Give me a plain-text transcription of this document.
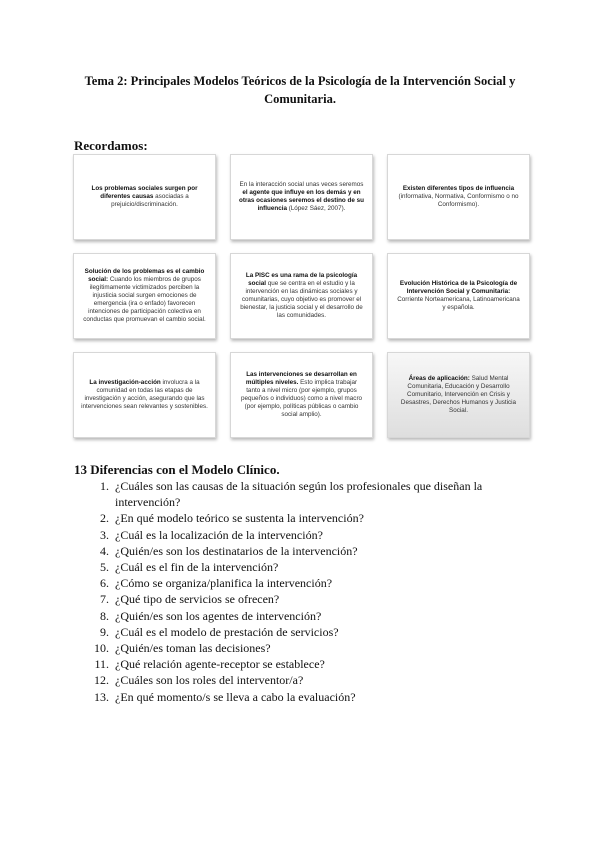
Tema 2: Principales Modelos Teóricos de la Psicología de la Intervención Social y Comunitaria.
Recordamos:
Los problemas sociales surgen por diferentes causas asociadas a prejuicio/discriminación.
En la interacción social unas veces seremos el agente que influye en los demás y en otras ocasiones seremos el destino de su influencia (López Sáez, 2007).
Existen diferentes tipos de influencia (informativa, Normativa, Conformismo o no Conformismo).
Solución de los problemas es el cambio social: Cuando los miembros de grupos ilegítimamente victimizados perciben la injusticia social surgen emociones de emergencia (ira o enfado) favorecen intenciones de participación colectiva en conductas que promuevan el cambio social.
La PISC es una rama de la psicología social que se centra en el estudio y la intervención en las dinámicas sociales y comunitarias, cuyo objetivo es promover el bienestar, la justicia social y el desarrollo de las comunidades.
Evolución Histórica de la Psicología de Intervención Social y Comunitaria: Corriente Norteamericana, Latinoamericana y española.
La investigación-acción involucra a la comunidad en todas las etapas de investigación y acción, asegurando que las intervenciones sean relevantes y sostenibles.
Las intervenciones se desarrollan en múltiples niveles. Esto implica trabajar tanto a nivel micro (por ejemplo, grupos pequeños o individuos) como a nivel macro (por ejemplo, políticas públicas o cambio social amplio).
Áreas de aplicación: Salud Mental Comunitaria, Educación y Desarrollo Comunitario, Intervención en Crisis y Desastres, Derechos Humanos y Justicia Social.
13 Diferencias con el Modelo Clínico.
1. ¿Cuáles son las causas de la situación según los profesionales que diseñan la intervención?
2. ¿En qué modelo teórico se sustenta la intervención?
3. ¿Cuál es la localización de la intervención?
4. ¿Quién/es son los destinatarios de la intervención?
5. ¿Cuál es el fin de la intervención?
6. ¿Cómo se organiza/planifica la intervención?
7. ¿Qué tipo de servicios se ofrecen?
8. ¿Quién/es son los agentes de intervención?
9. ¿Cuál es el modelo de prestación de servicios?
10. ¿Quién/es toman las decisiones?
11. ¿Qué relación agente-receptor se establece?
12. ¿Cuáles son los roles del interventor/a?
13. ¿En qué momento/s se lleva a cabo la evaluación?
